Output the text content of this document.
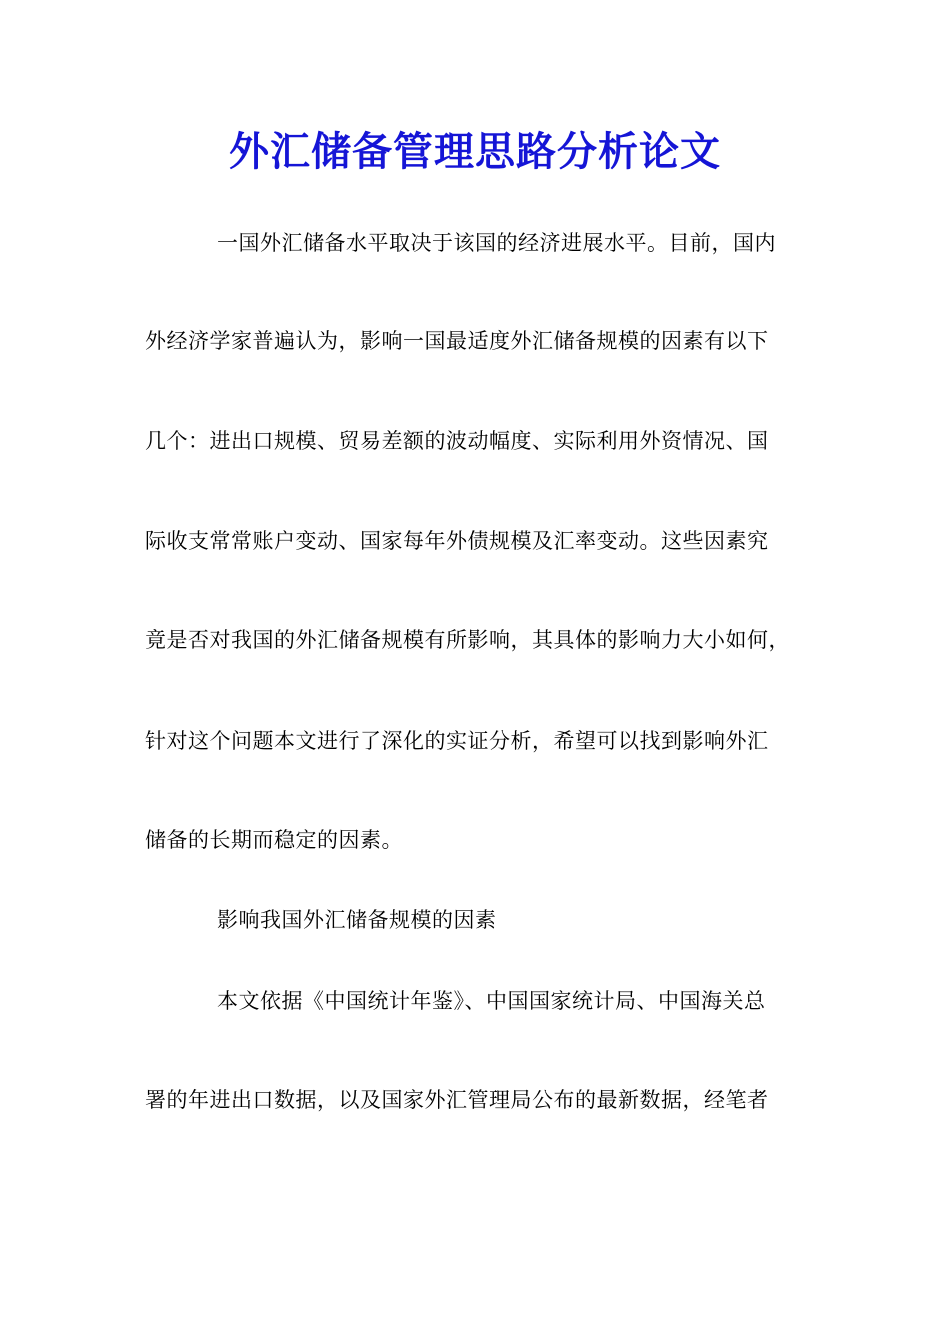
外汇储备管理思路分析论文
一国外汇储备水平取决于该国的经济进展水平。目前，国内
外经济学家普遍认为，影响一国最适度外汇储备规模的因素有以下
几个：进出口规模、贸易差额的波动幅度、实际利用外资情况、国
际收支常常账户变动、国家每年外债规模及汇率变动。这些因素究
竟是否对我国的外汇储备规模有所影响，其具体的影响力大小如何，
针对这个问题本文进行了深化的实证分析，希望可以找到影响外汇
储备的长期而稳定的因素。
影响我国外汇储备规模的因素
本文依据《中国统计年鉴》、中国国家统计局、中国海关总
署的年进出口数据，以及国家外汇管理局公布的最新数据，经笔者
